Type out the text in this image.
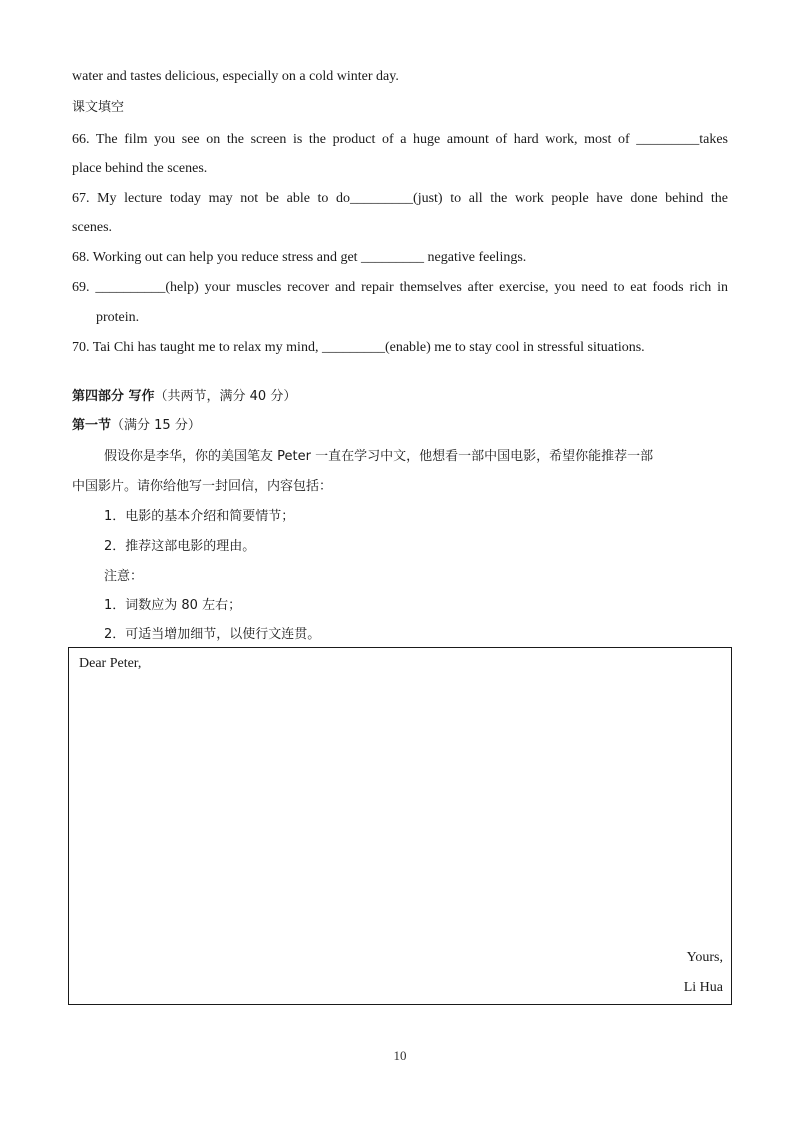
water and tastes delicious, especially on a cold winter day.
课文填空
66. The film you see on the screen is the product of a huge amount of hard work, most of _________takes
place behind the scenes.
67. My lecture today may not be able to do_________(just) to all the work people have done behind the
scenes.
68. Working out can help you reduce stress and get _________ negative feelings.
69. __________(help) your muscles recover and repair themselves after exercise, you need to eat foods rich in
protein.
70. Tai Chi has taught me to relax my mind, _________(enable) me to stay cool in stressful situations.
第四部分 写作（共两节，满分 40 分）
第一节（满分 15 分）
假设你是李华，你的美国笔友 Peter 一直在学习中文，他想看一部中国电影，希望你能推荐一部
中国影片。请你给他写一封回信，内容包括：
1．电影的基本介绍和简要情节；
2．推荐这部电影的理由。
注意：
1．词数应为 80 左右；
2．可适当增加细节，以使行文连贯。
Dear Peter,
Yours,
Li Hua
10
